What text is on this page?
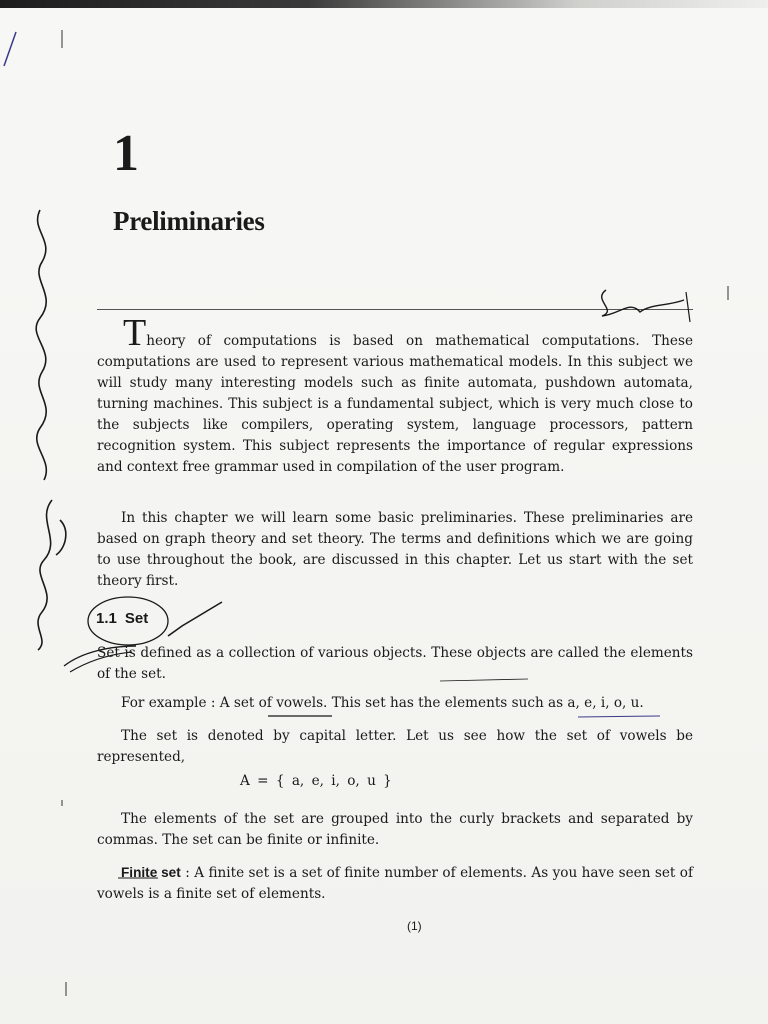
1
Preliminaries

Theory of computations is based on mathematical computations. These computations are used to represent various mathematical models. In this subject we will study many interesting models such as finite automata, pushdown automata, turning machines. This subject is a fundamental subject, which is very much close to the subjects like compilers, operating system, language processors, pattern recognition system. This subject represents the importance of regular expressions and context free grammar used in compilation of the user program.

In this chapter we will learn some basic preliminaries. These preliminaries are based on graph theory and set theory. The terms and definitions which we are going to use throughout the book, are discussed in this chapter. Let us start with the set theory first.

1.1 Set

Set is defined as a collection of various objects. These objects are called the elements of the set.

For example : A set of vowels. This set has the elements such as a, e, i, o, u.

The set is denoted by capital letter. Let us see how the set of vowels be represented,

A = { a, e, i, o, u }

The elements of the set are grouped into the curly brackets and separated by commas. The set can be finite or infinite.

Finite set : A finite set is a set of finite number of elements. As you have seen set of vowels is a finite set of elements.

(1)
